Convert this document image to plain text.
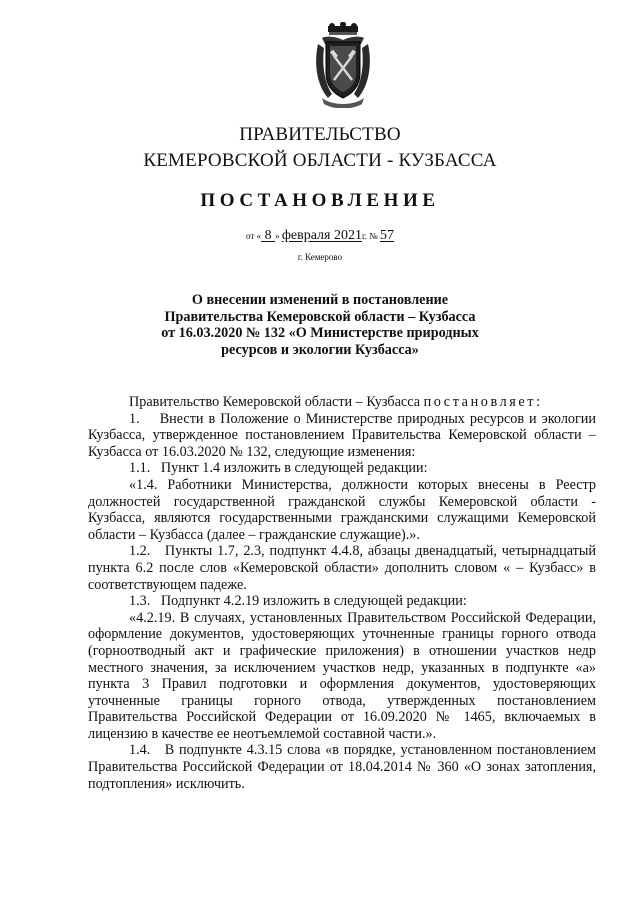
ПРАВИТЕЛЬСТВО
КЕМЕРОВСКОЙ ОБЛАСТИ - КУЗБАССА
ПОСТАНОВЛЕНИЕ
от « 8 » февраля 2021г. № 57
г. Кемерово
О внесении изменений в постановление
Правительства Кемеровской области – Кузбасса
от 16.03.2020 № 132 «О Министерстве природных
ресурсов и экологии Кузбасса»

Правительство Кемеровской области – Кузбасса постановляет:

1.    Внести в Положение о Министерстве природных ресурсов и экологии Кузбасса, утвержденное постановлением Правительства Кемеровской области – Кузбасса от 16.03.2020 № 132, следующие изменения:

1.1.   Пункт 1.4 изложить в следующей редакции:

«1.4. Работники Министерства, должности которых внесены в Реестр должностей государственной гражданской службы Кемеровской области - Кузбасса, являются государственными гражданскими служащими Кемеровской области – Кузбасса (далее – гражданские служащие).».

1.2.   Пункты 1.7, 2.3, подпункт 4.4.8, абзацы двенадцатый, четырнадцатый пункта 6.2 после слов «Кемеровской области» дополнить словом « – Кузбасс» в соответствующем падеже.

1.3.   Подпункт 4.2.19 изложить в следующей редакции:

«4.2.19. В случаях, установленных Правительством Российской Федерации, оформление документов, удостоверяющих уточненные границы горного отвода (горноотводный акт и графические приложения) в отношении участков недр местного значения, за исключением участков недр, указанных в подпункте «а» пункта 3 Правил подготовки и оформления документов, удостоверяющих уточненные границы горного отвода, утвержденных постановлением Правительства Российской Федерации от 16.09.2020 № 1465, включаемых в лицензию в качестве ее неотъемлемой составной части.».

1.4.   В подпункте 4.3.15 слова «в порядке, установленном постановлением Правительства Российской Федерации от 18.04.2014 № 360 «О зонах затопления, подтопления» исключить.
